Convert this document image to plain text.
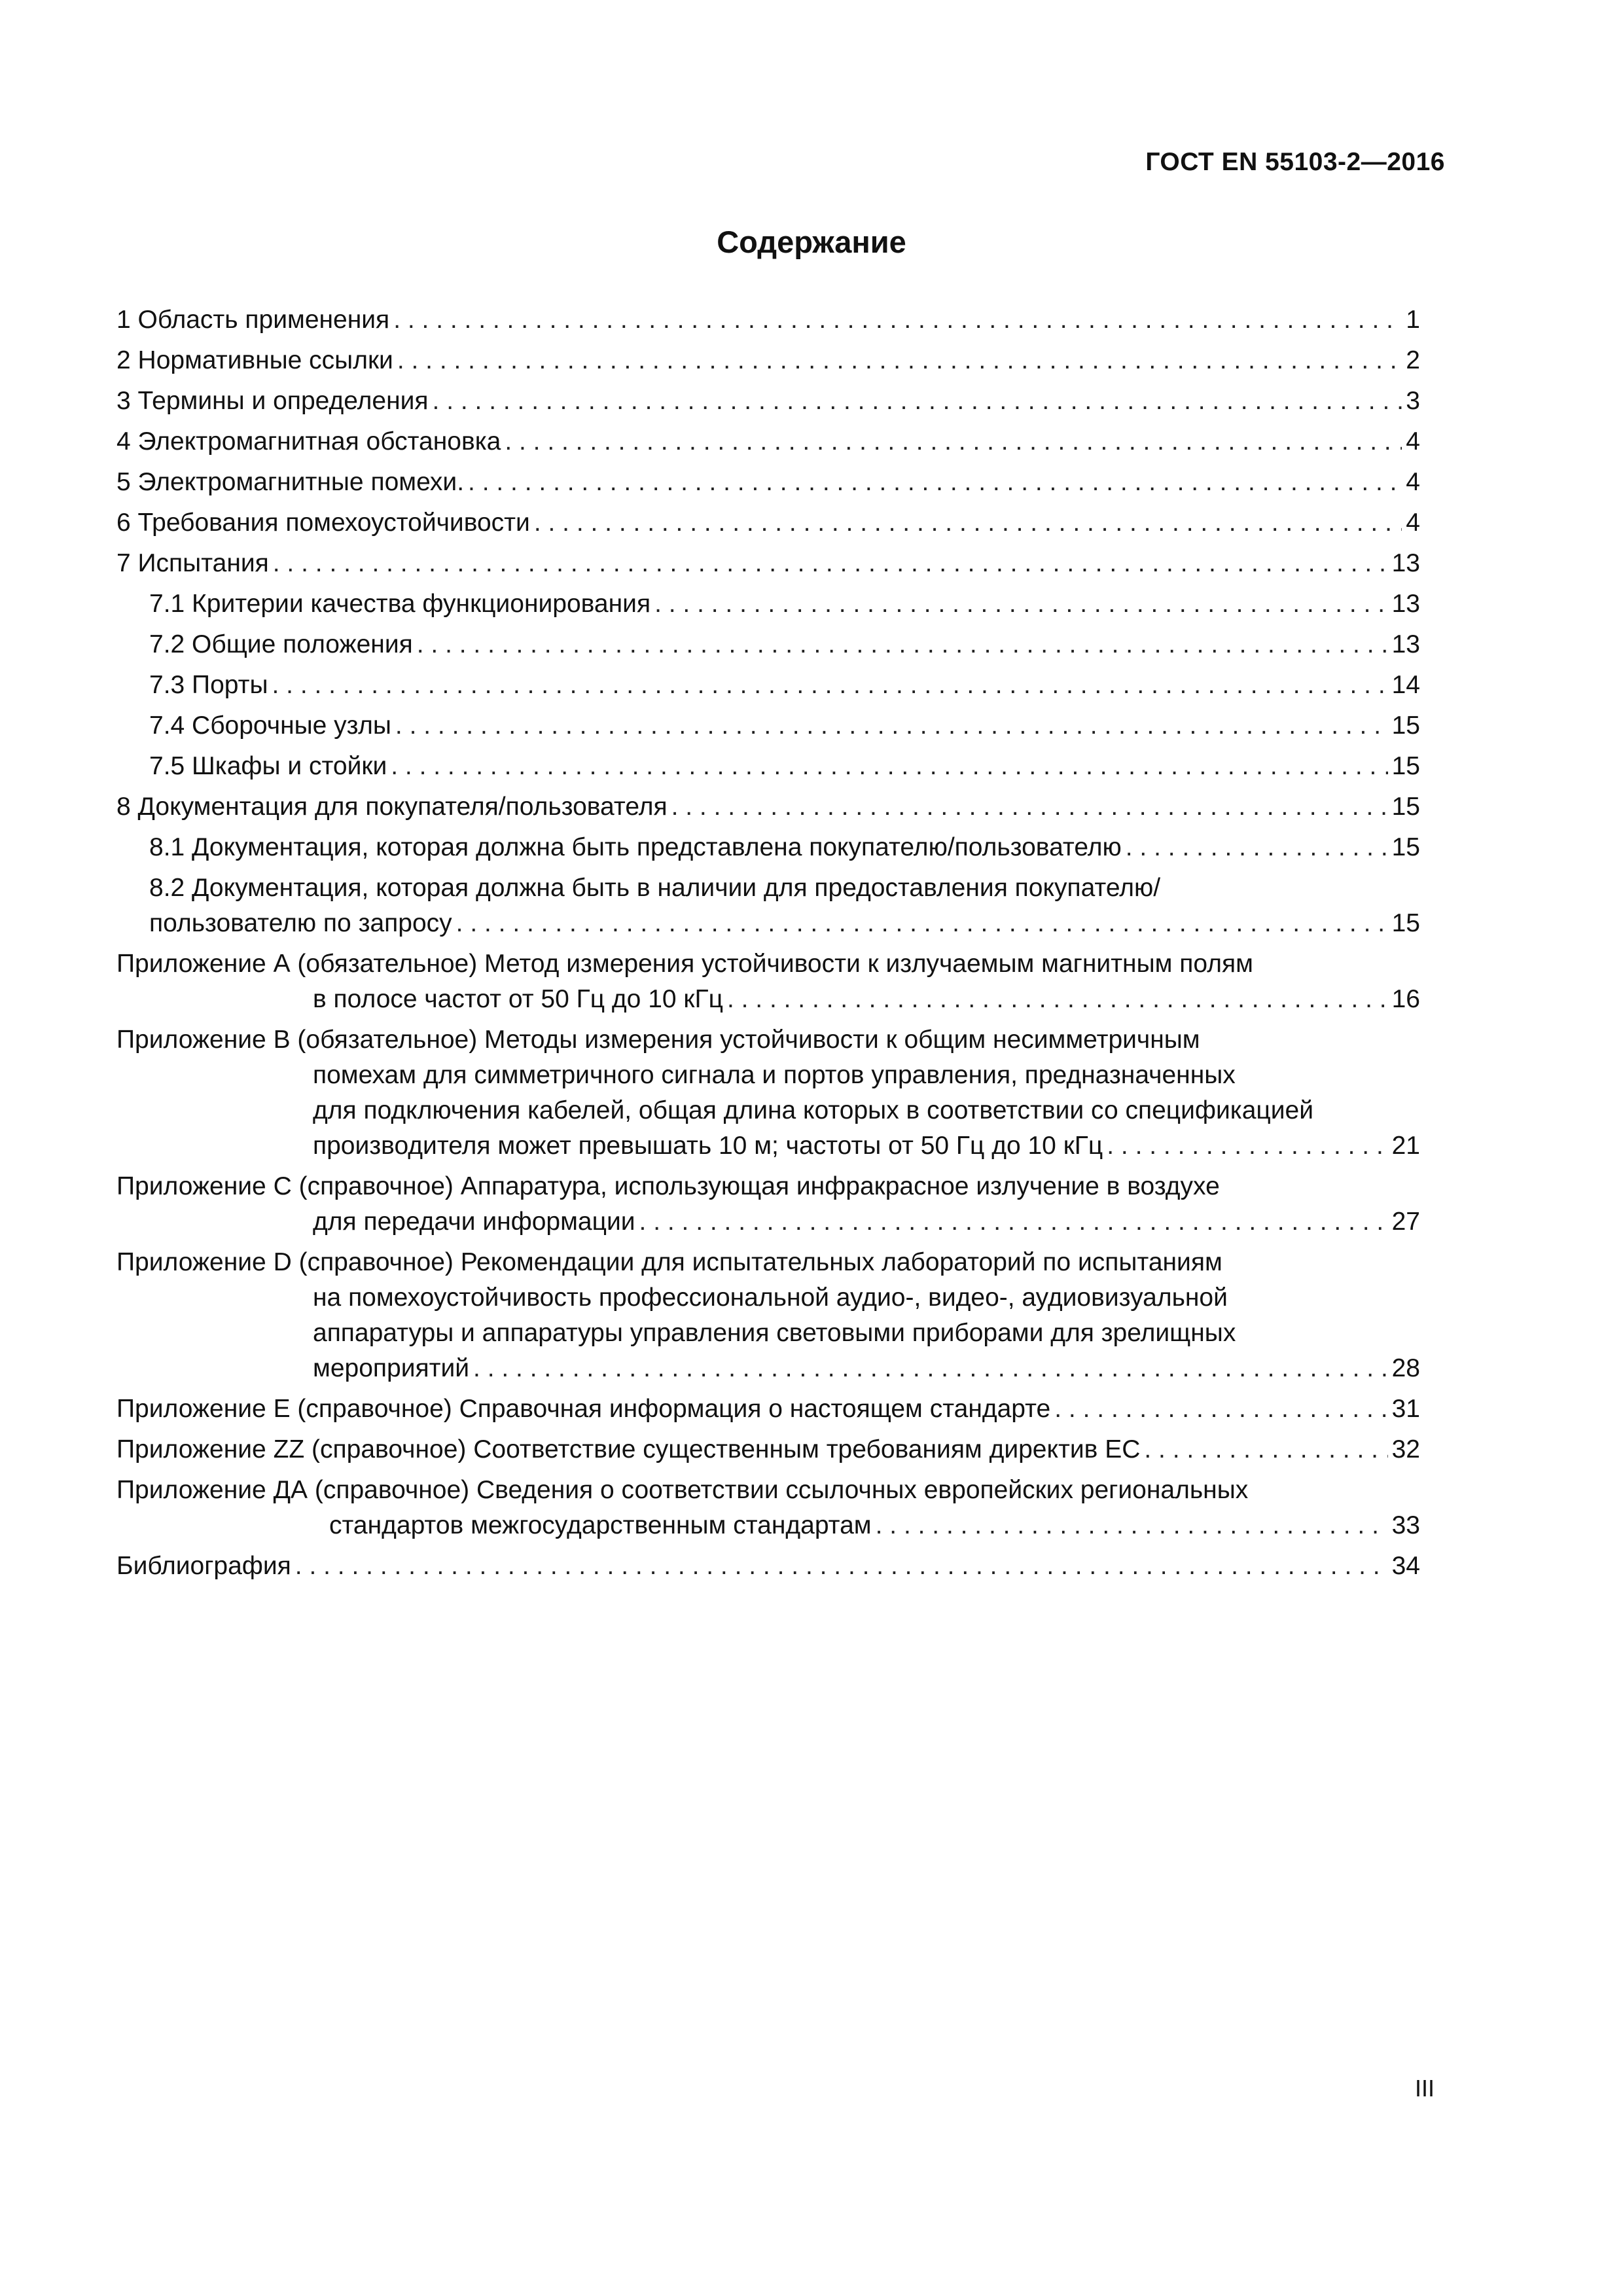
ГОСТ EN 55103-2—2016
Содержание
1 Область применения . . .	1
2 Нормативные ссылки . . .	2
3 Термины и определения . . .	3
4 Электромагнитная обстановка . . .	4
5 Электромагнитные помехи. . . .	4
6 Требования помехоустойчивости . . .	4
7 Испытания . . .	13
7.1 Критерии качества функционирования . . .	13
7.2 Общие положения . . .	13
7.3 Порты . . .	14
7.4 Сборочные узлы . . .	15
7.5 Шкафы и стойки . . .	15
8 Документация для покупателя/пользователя . . .	15
8.1 Документация, которая должна быть представлена покупателю/пользователю . . .	15
8.2 Документация, которая должна быть в наличии для предоставления покупателю/
пользователю по запросу . . .	15
Приложение А (обязательное) Метод измерения устойчивости к излучаемым магнитным полям
в полосе частот от 50 Гц до 10 кГц . . .	16
Приложение В (обязательное) Методы измерения устойчивости к общим несимметричным
помехам для симметричного сигнала и портов управления, предназначенных
для подключения кабелей, общая длина которых в соответствии со спецификацией
производителя может превышать 10 м; частоты от 50 Гц до 10 кГц . . .	21
Приложение С (справочное) Аппаратура, использующая инфракрасное излучение в воздухе
для передачи информации . . .	27
Приложение D (справочное) Рекомендации для испытательных лабораторий по испытаниям
на помехоустойчивость профессиональной аудио-, видео-, аудиовизуальной
аппаратуры и аппаратуры управления световыми приборами для зрелищных
мероприятий . . .	28
Приложение Е (справочное) Справочная информация о настоящем стандарте . . .	31
Приложение ZZ (справочное) Соответствие существенным требованиям директив ЕС . . .	32
Приложение ДА (справочное) Сведения о соответствии ссылочных европейских региональных
стандартов межгосударственным стандартам . . .	33
Библиография . . .	34
III
